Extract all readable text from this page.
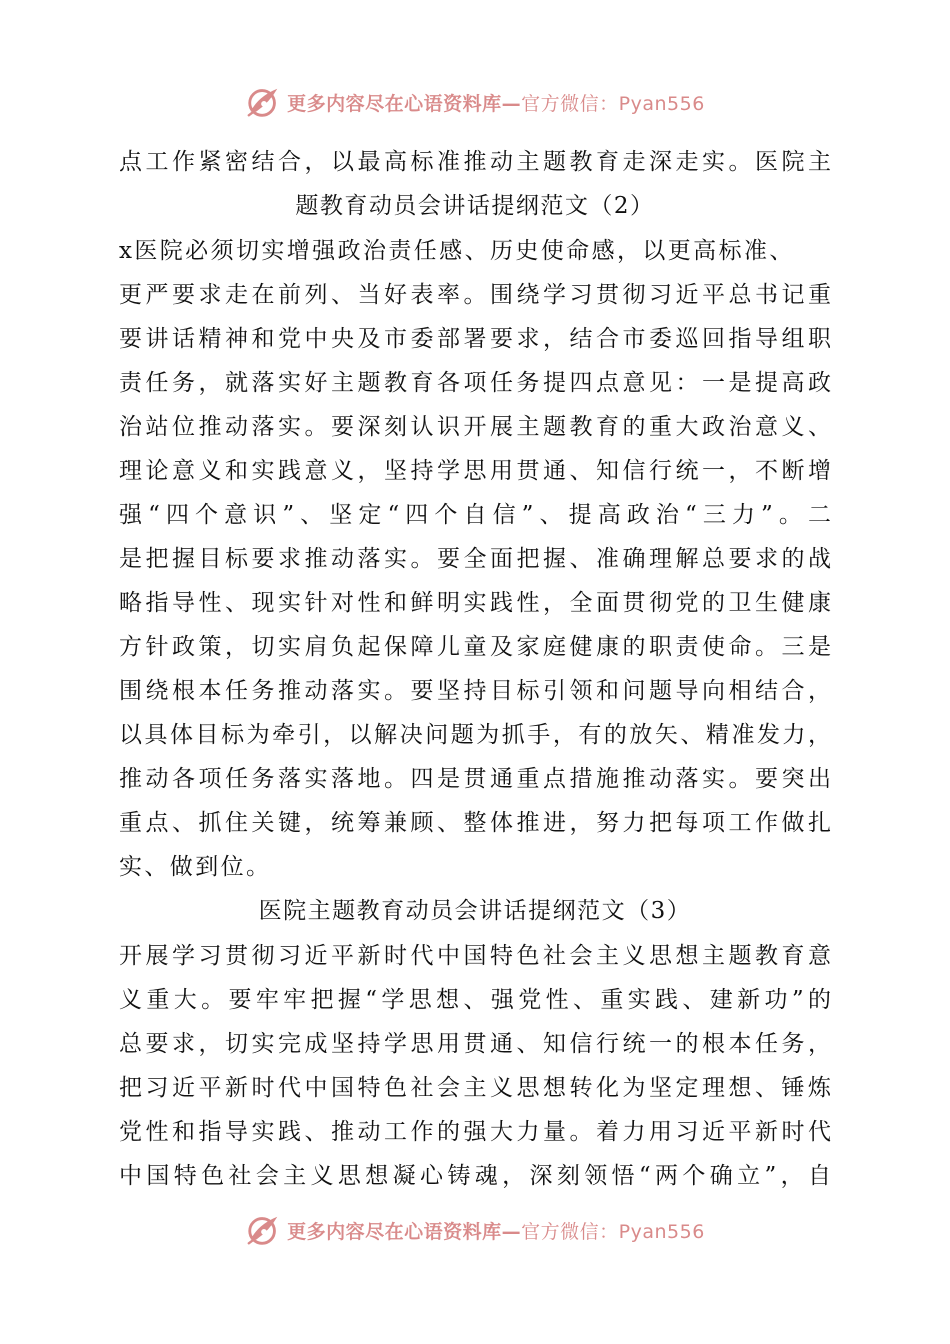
更多内容尽在心语资料库—官方微信：Pyan556
点工作紧密结合，以最高标准推动主题教育走深走实。医院主
题教育动员会讲话提纲范文（2）
x医院必须切实增强政治责任感、历史使命感，以更高标准、
更严要求走在前列、当好表率。围绕学习贯彻习近平总书记重
要讲话精神和党中央及市委部署要求，结合市委巡回指导组职
责任务，就落实好主题教育各项任务提四点意见：一是提高政
治站位推动落实。要深刻认识开展主题教育的重大政治意义、
理论意义和实践意义，坚持学思用贯通、知信行统一，不断增
强“四个意识”、坚定“四个自信”、提高政治“三力”。二
是把握目标要求推动落实。要全面把握、准确理解总要求的战
略指导性、现实针对性和鲜明实践性，全面贯彻党的卫生健康
方针政策，切实肩负起保障儿童及家庭健康的职责使命。三是
围绕根本任务推动落实。要坚持目标引领和问题导向相结合，
以具体目标为牵引，以解决问题为抓手，有的放矢、精准发力，
推动各项任务落实落地。四是贯通重点措施推动落实。要突出
重点、抓住关键，统筹兼顾、整体推进，努力把每项工作做扎
实、做到位。
医院主题教育动员会讲话提纲范文（3）
开展学习贯彻习近平新时代中国特色社会主义思想主题教育意
义重大。要牢牢把握“学思想、强党性、重实践、建新功”的
总要求，切实完成坚持学思用贯通、知信行统一的根本任务，
把习近平新时代中国特色社会主义思想转化为坚定理想、锤炼
党性和指导实践、推动工作的强大力量。着力用习近平新时代
中国特色社会主义思想凝心铸魂，深刻领悟“两个确立”，自
更多内容尽在心语资料库—官方微信：Pyan556
